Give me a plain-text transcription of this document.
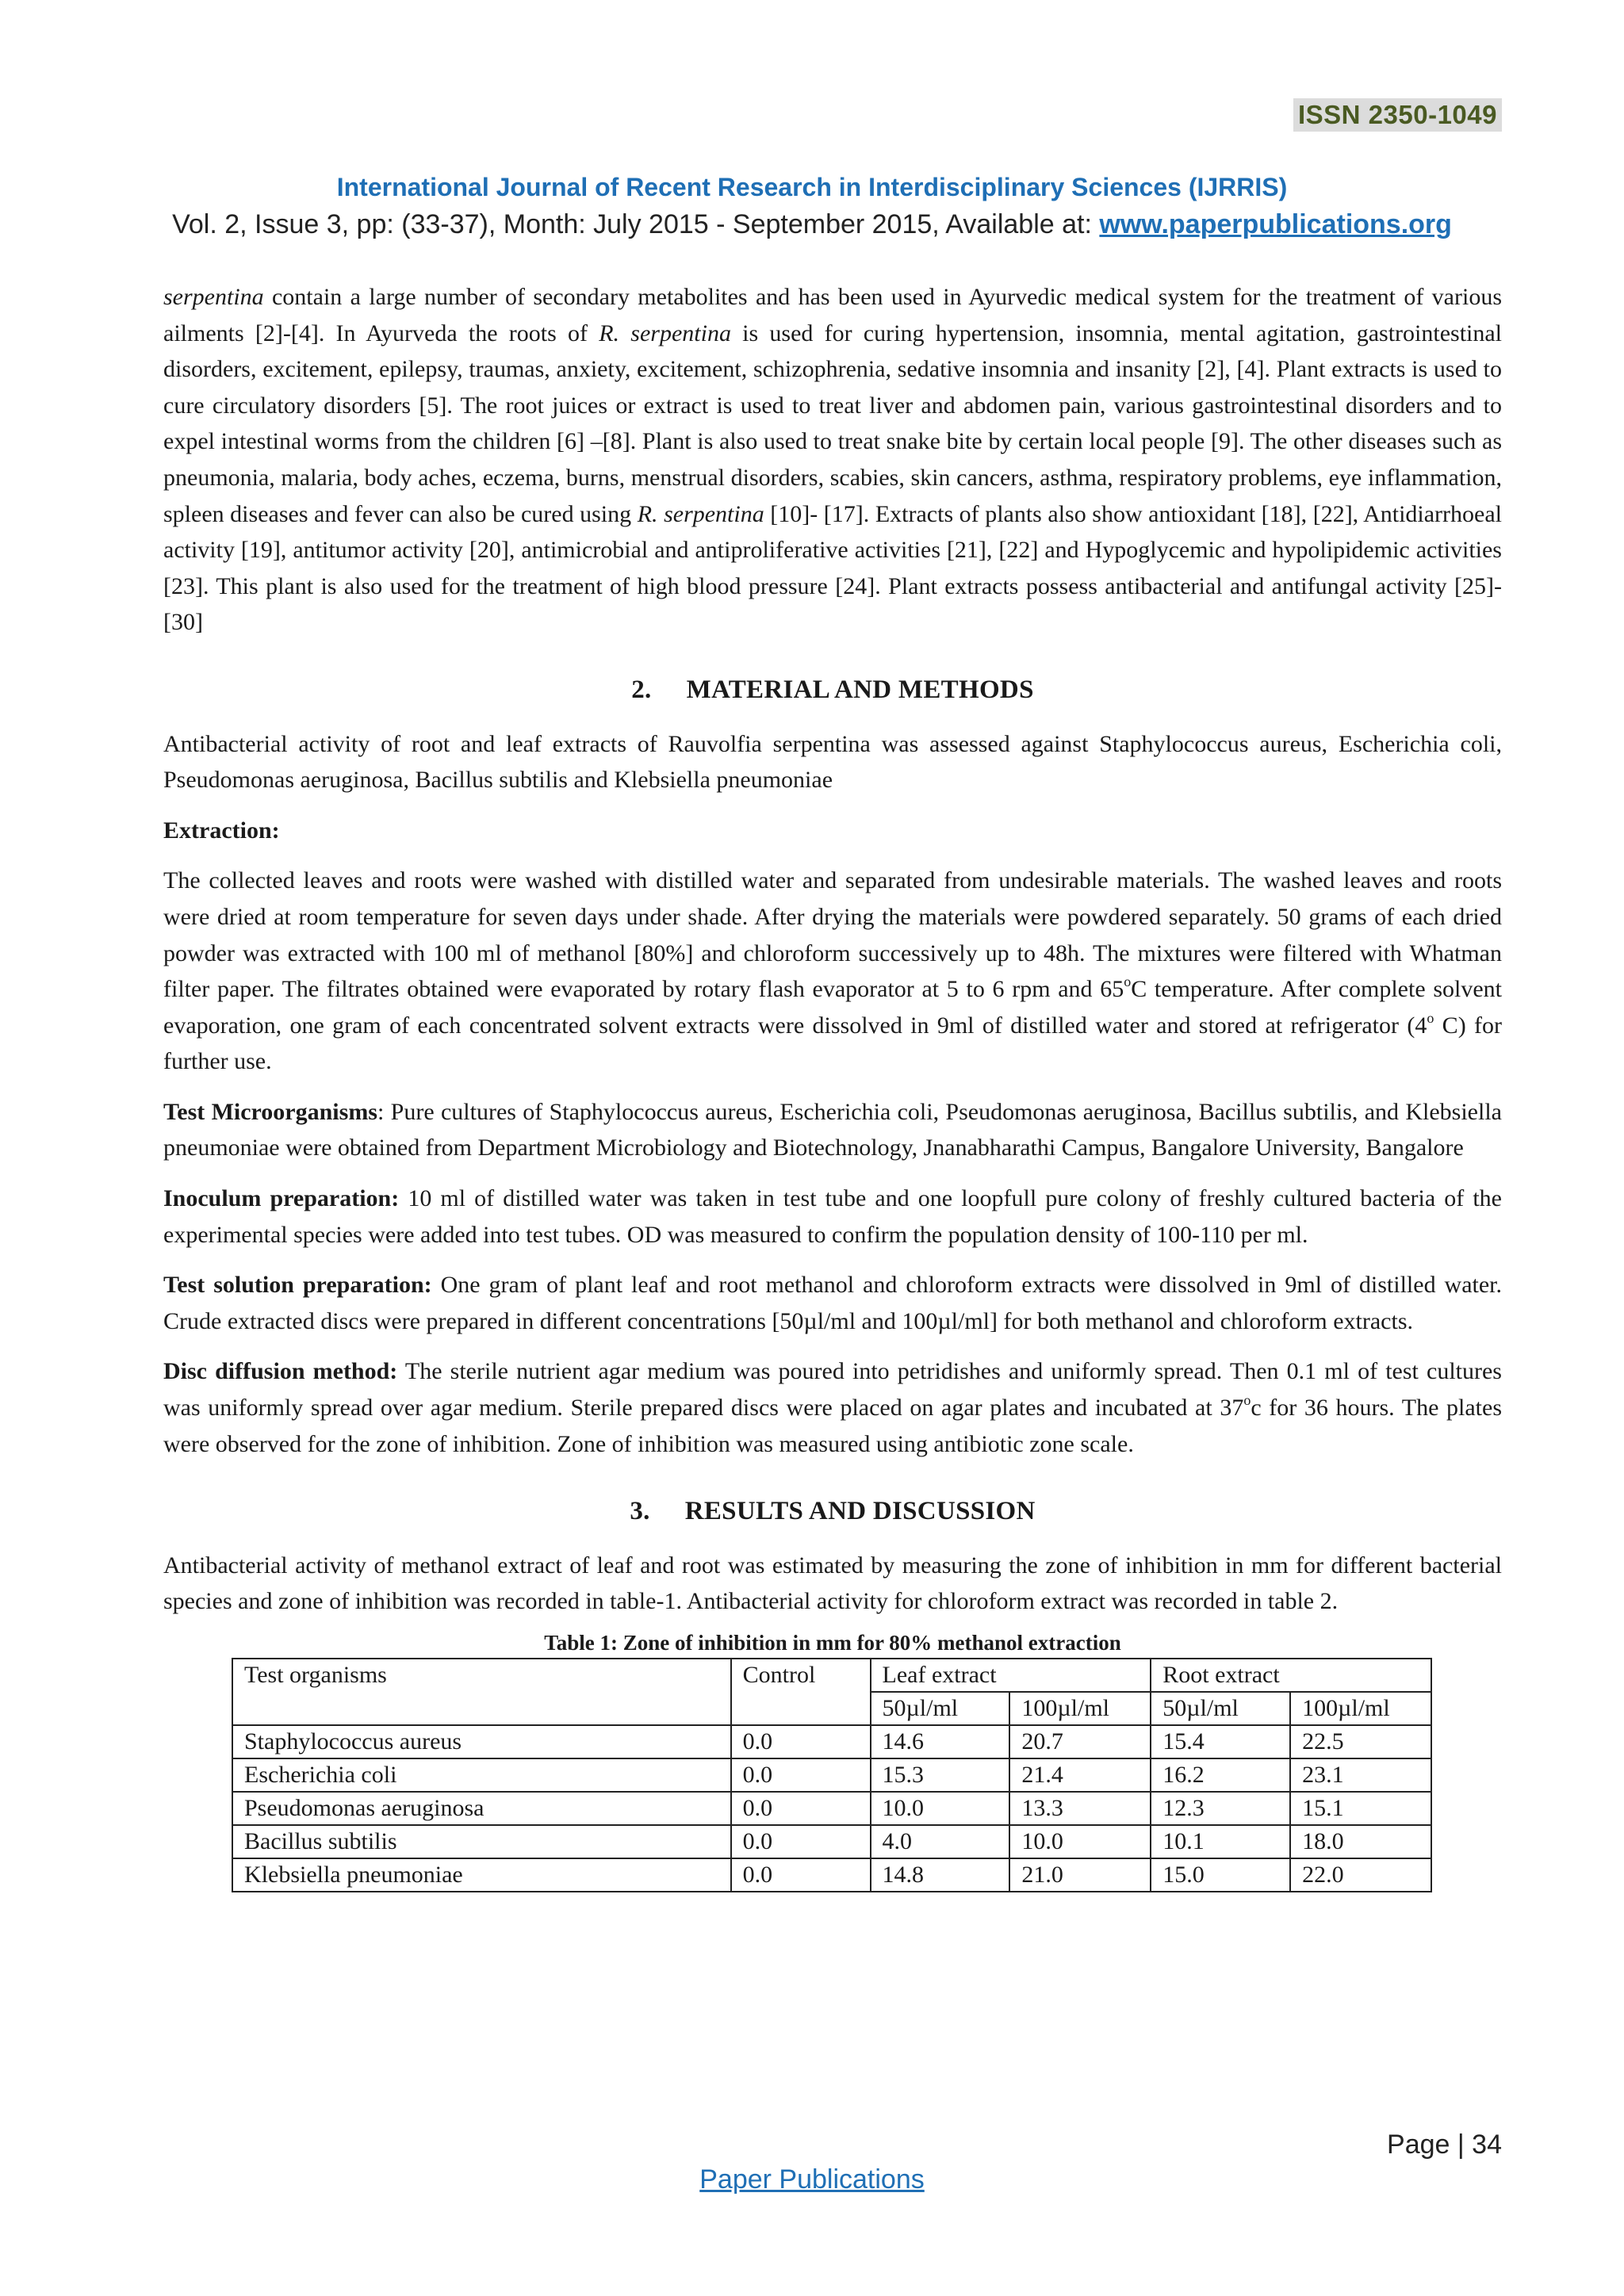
ISSN 2350-1049
International Journal of Recent Research in Interdisciplinary Sciences (IJRRIS)
Vol. 2, Issue 3, pp: (33-37), Month: July 2015 - September 2015, Available at: www.paperpublications.org

serpentina contain a large number of secondary metabolites and has been used in Ayurvedic medical system for the treatment of various ailments [2]-[4]. In Ayurveda the roots of R. serpentina is used for curing hypertension, insomnia, mental agitation, gastrointestinal disorders, excitement, epilepsy, traumas, anxiety, excitement, schizophrenia, sedative insomnia and insanity [2], [4]. Plant extracts is used to cure circulatory disorders [5]. The root juices or extract is used to treat liver and abdomen pain, various gastrointestinal disorders and to expel intestinal worms from the children [6] –[8]. Plant is also used to treat snake bite by certain local people [9]. The other diseases such as pneumonia, malaria, body aches, eczema, burns, menstrual disorders, scabies, skin cancers, asthma, respiratory problems, eye inflammation, spleen diseases and fever can also be cured using R. serpentina [10]- [17]. Extracts of plants also show antioxidant [18], [22], Antidiarrhoeal activity [19], antitumor activity [20], antimicrobial and antiproliferative activities [21], [22] and Hypoglycemic and hypolipidemic activities [23]. This plant is also used for the treatment of high blood pressure [24]. Plant extracts possess antibacterial and antifungal activity [25]- [30]

2. MATERIAL AND METHODS

Antibacterial activity of root and leaf extracts of Rauvolfia serpentina was assessed against Staphylococcus aureus, Escherichia coli, Pseudomonas aeruginosa, Bacillus subtilis and Klebsiella pneumoniae

Extraction:

The collected leaves and roots were washed with distilled water and separated from undesirable materials. The washed leaves and roots were dried at room temperature for seven days under shade. After drying the materials were powdered separately. 50 grams of each dried powder was extracted with 100 ml of methanol [80%] and chloroform successively up to 48h. The mixtures were filtered with Whatman filter paper. The filtrates obtained were evaporated by rotary flash evaporator at 5 to 6 rpm and 65$^o$C temperature. After complete solvent evaporation, one gram of each concentrated solvent extracts were dissolved in 9ml of distilled water and stored at refrigerator (4$^o$ C) for further use.

Test Microorganisms: Pure cultures of Staphylococcus aureus, Escherichia coli, Pseudomonas aeruginosa, Bacillus subtilis, and Klebsiella pneumoniae were obtained from Department Microbiology and Biotechnology, Jnanabharathi Campus, Bangalore University, Bangalore

Inoculum preparation: 10 ml of distilled water was taken in test tube and one loopfull pure colony of freshly cultured bacteria of the experimental species were added into test tubes. OD was measured to confirm the population density of 100-110 per ml.

Test solution preparation: One gram of plant leaf and root methanol and chloroform extracts were dissolved in 9ml of distilled water. Crude extracted discs were prepared in different concentrations [50µl/ml and 100µl/ml] for both methanol and chloroform extracts.

Disc diffusion method: The sterile nutrient agar medium was poured into petridishes and uniformly spread. Then 0.1 ml of test cultures was uniformly spread over agar medium. Sterile prepared discs were placed on agar plates and incubated at 37$^o$c for 36 hours. The plates were observed for the zone of inhibition. Zone of inhibition was measured using antibiotic zone scale.

3. RESULTS AND DISCUSSION

Antibacterial activity of methanol extract of leaf and root was estimated by measuring the zone of inhibition in mm for different bacterial species and zone of inhibition was recorded in table-1. Antibacterial activity for chloroform extract was recorded in table 2.

Table 1: Zone of inhibition in mm for 80% methanol extraction
Test organisms	Control	Leaf extract		Root extract	
		50µl/ml	100µl/ml	50µl/ml	100µl/ml
Staphylococcus aureus	0.0	14.6	20.7	15.4	22.5
Escherichia coli	0.0	15.3	21.4	16.2	23.1
Pseudomonas aeruginosa	0.0	10.0	13.3	12.3	15.1
Bacillus subtilis	0.0	4.0	10.0	10.1	18.0
Klebsiella pneumoniae	0.0	14.8	21.0	15.0	22.0
Page | 34
Paper Publications
